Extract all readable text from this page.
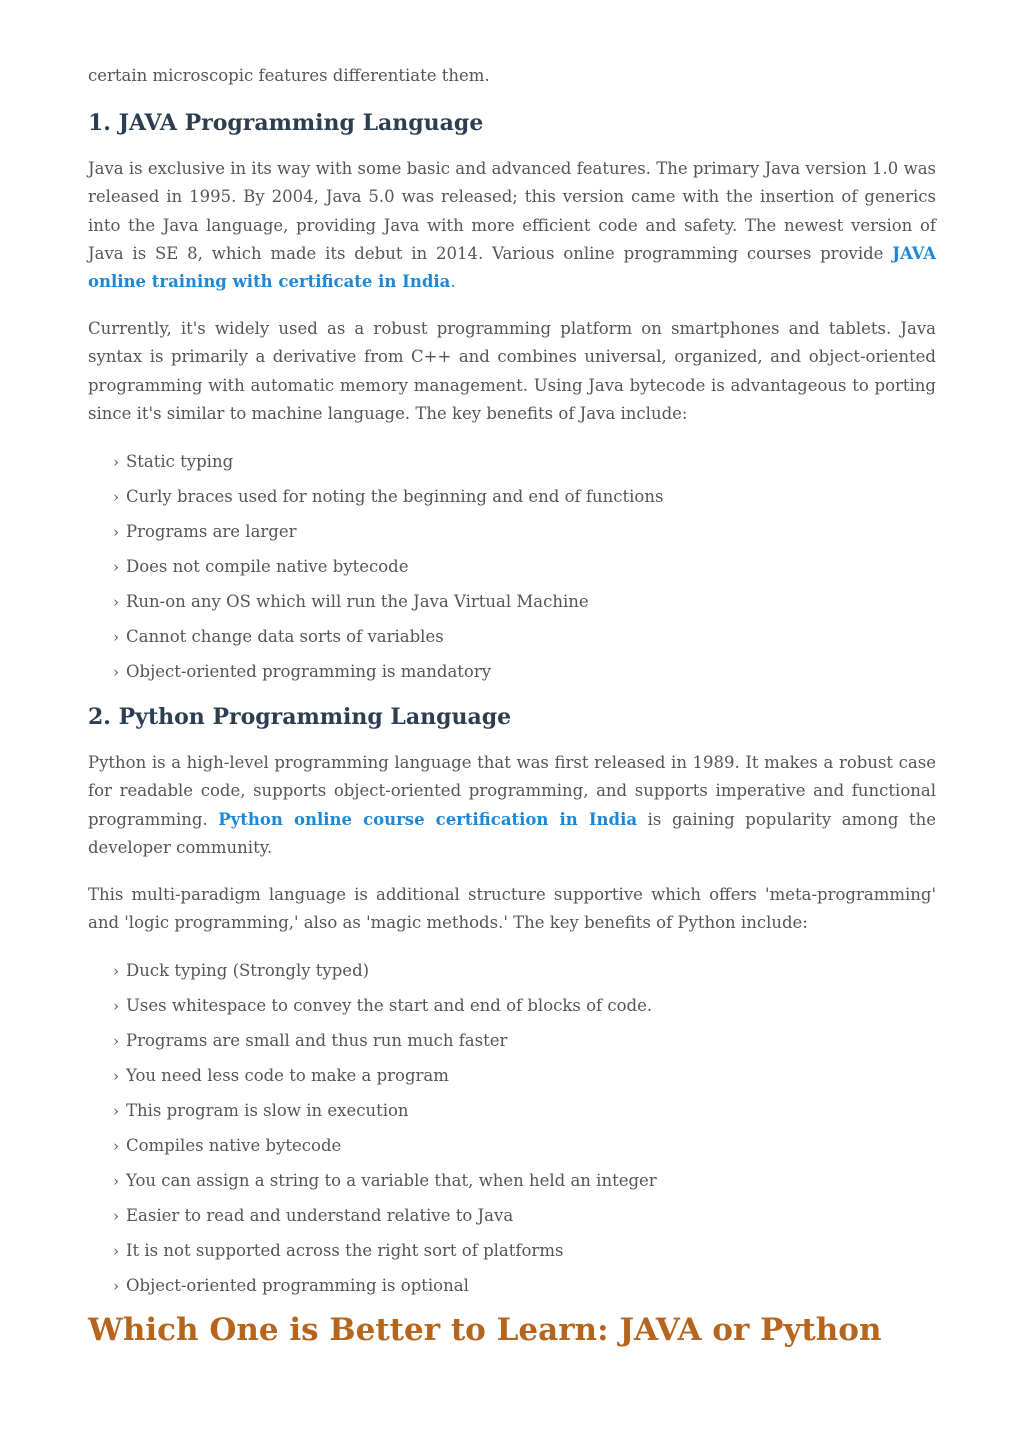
certain microscopic features differentiate them.

1. JAVA Programming Language

Java is exclusive in its way with some basic and advanced features. The primary Java version 1.0 was released in 1995. By 2004, Java 5.0 was released; this version came with the insertion of generics into the Java language, providing Java with more efficient code and safety. The newest version of Java is SE 8, which made its debut in 2014. Various online programming courses provide JAVA online training with certificate in India.

Currently, it's widely used as a robust programming platform on smartphones and tablets. Java syntax is primarily a derivative from C++ and combines universal, organized, and object-oriented programming with automatic memory management. Using Java bytecode is advantageous to porting since it's similar to machine language. The key benefits of Java include:

› Static typing
› Curly braces used for noting the beginning and end of functions
› Programs are larger
› Does not compile native bytecode
› Run-on any OS which will run the Java Virtual Machine
› Cannot change data sorts of variables
› Object-oriented programming is mandatory
2. Python Programming Language

Python is a high-level programming language that was first released in 1989. It makes a robust case for readable code, supports object-oriented programming, and supports imperative and functional programming. Python online course certification in India is gaining popularity among the developer community.

This multi-paradigm language is additional structure supportive which offers 'meta-programming' and 'logic programming,' also as 'magic methods.' The key benefits of Python include:

› Duck typing (Strongly typed)
› Uses whitespace to convey the start and end of blocks of code.
› Programs are small and thus run much faster
› You need less code to make a program
› This program is slow in execution
› Compiles native bytecode
› You can assign a string to a variable that, when held an integer
› Easier to read and understand relative to Java
› It is not supported across the right sort of platforms
› Object-oriented programming is optional
Which One is Better to Learn: JAVA or Python
